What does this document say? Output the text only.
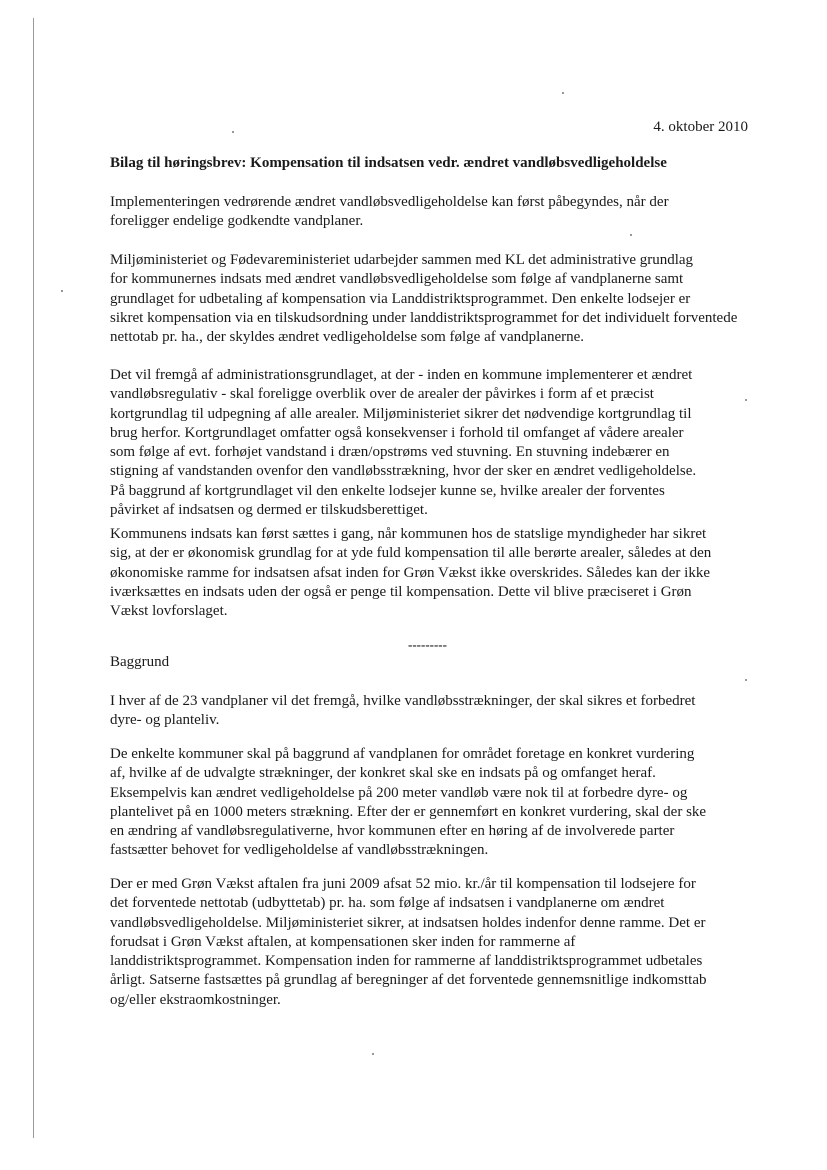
4. oktober 2010
Bilag til høringsbrev: Kompensation til indsatsen vedr. ændret vandløbsvedligeholdelse
Implementeringen vedrørende ændret vandløbsvedligeholdelse kan først påbegyndes, når der
foreligger endelige godkendte vandplaner.
Miljøministeriet og Fødevareministeriet udarbejder sammen med KL det administrative grundlag
for kommunernes indsats med ændret vandløbsvedligeholdelse som følge af vandplanerne samt
grundlaget for udbetaling af kompensation via Landdistriktsprogrammet. Den enkelte lodsejer er
sikret kompensation via en tilskudsordning under landdistriktsprogrammet for det individuelt forventede
nettotab pr. ha., der skyldes ændret vedligeholdelse som følge af vandplanerne.
Det vil fremgå af administrationsgrundlaget, at der - inden en kommune implementerer et ændret
vandløbsregulativ - skal foreligge overblik over de arealer der påvirkes i form af et præcist
kortgrundlag til udpegning af alle arealer. Miljøministeriet sikrer det nødvendige kortgrundlag til
brug herfor. Kortgrundlaget omfatter også konsekvenser i forhold til omfanget af vådere arealer
som følge af evt. forhøjet vandstand i dræn/opstrøms ved stuvning. En stuvning indebærer en
stigning af vandstanden ovenfor den vandløbsstrækning, hvor der sker en ændret vedligeholdelse.
På baggrund af kortgrundlaget vil den enkelte lodsejer kunne se, hvilke arealer der forventes
påvirket af indsatsen og dermed er tilskudsberettiget.
Kommunens indsats kan først sættes i gang, når kommunen hos de statslige myndigheder har sikret
sig, at der er økonomisk grundlag for at yde fuld kompensation til alle berørte arealer, således at den
økonomiske ramme for indsatsen afsat inden for Grøn Vækst ikke overskrides. Således kan der ikke
iværksættes en indsats uden der også er penge til kompensation. Dette vil blive præciseret i Grøn
Vækst lovforslaget.
---------
Baggrund
I hver af de 23 vandplaner vil det fremgå, hvilke vandløbsstrækninger, der skal sikres et forbedret
dyre- og planteliv.
De enkelte kommuner skal på baggrund af vandplanen for området foretage en konkret vurdering
af, hvilke af de udvalgte strækninger, der konkret skal ske en indsats på og omfanget heraf.
Eksempelvis kan ændret vedligeholdelse på 200 meter vandløb være nok til at forbedre dyre- og
plantelivet på en 1000 meters strækning. Efter der er gennemført en konkret vurdering, skal der ske
en ændring af vandløbsregulativerne, hvor kommunen efter en høring af de involverede parter
fastsætter behovet for vedligeholdelse af vandløbsstrækningen.
Der er med Grøn Vækst aftalen fra juni 2009 afsat 52 mio. kr./år til kompensation til lodsejere for
det forventede nettotab (udbyttetab) pr. ha. som følge af indsatsen i vandplanerne om ændret
vandløbsvedligeholdelse. Miljøministeriet sikrer, at indsatsen holdes indenfor denne ramme. Det er
forudsat i Grøn Vækst aftalen, at kompensationen sker inden for rammerne af
landdistriktsprogrammet. Kompensation inden for rammerne af landdistriktsprogrammet udbetales
årligt. Satserne fastsættes på grundlag af beregninger af det forventede gennemsnitlige indkomsttab
og/eller ekstraomkostninger.
